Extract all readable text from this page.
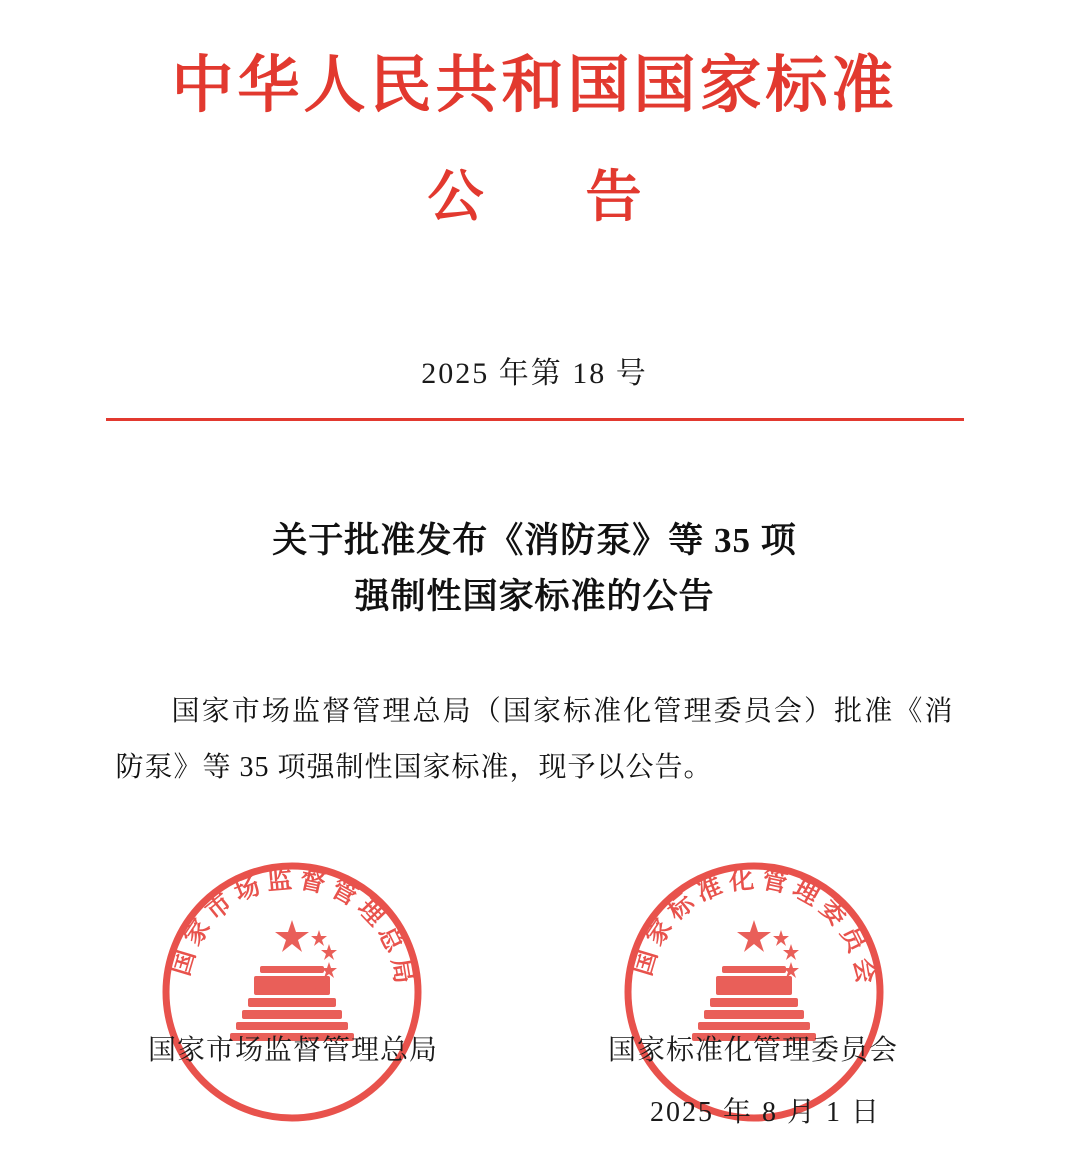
中华人民共和国国家标准
公 告
2025 年第 18 号
关于批准发布《消防泵》等 35 项
强制性国家标准的公告
国家市场监督管理总局（国家标准化管理委员会）批准《消防泵》等 35 项强制性国家标准，现予以公告。
国家市场监督管理总局	国家标准化管理委员会
国家市场监督管理总局	国家标准化管理委员会
2025 年 8 月 1 日
